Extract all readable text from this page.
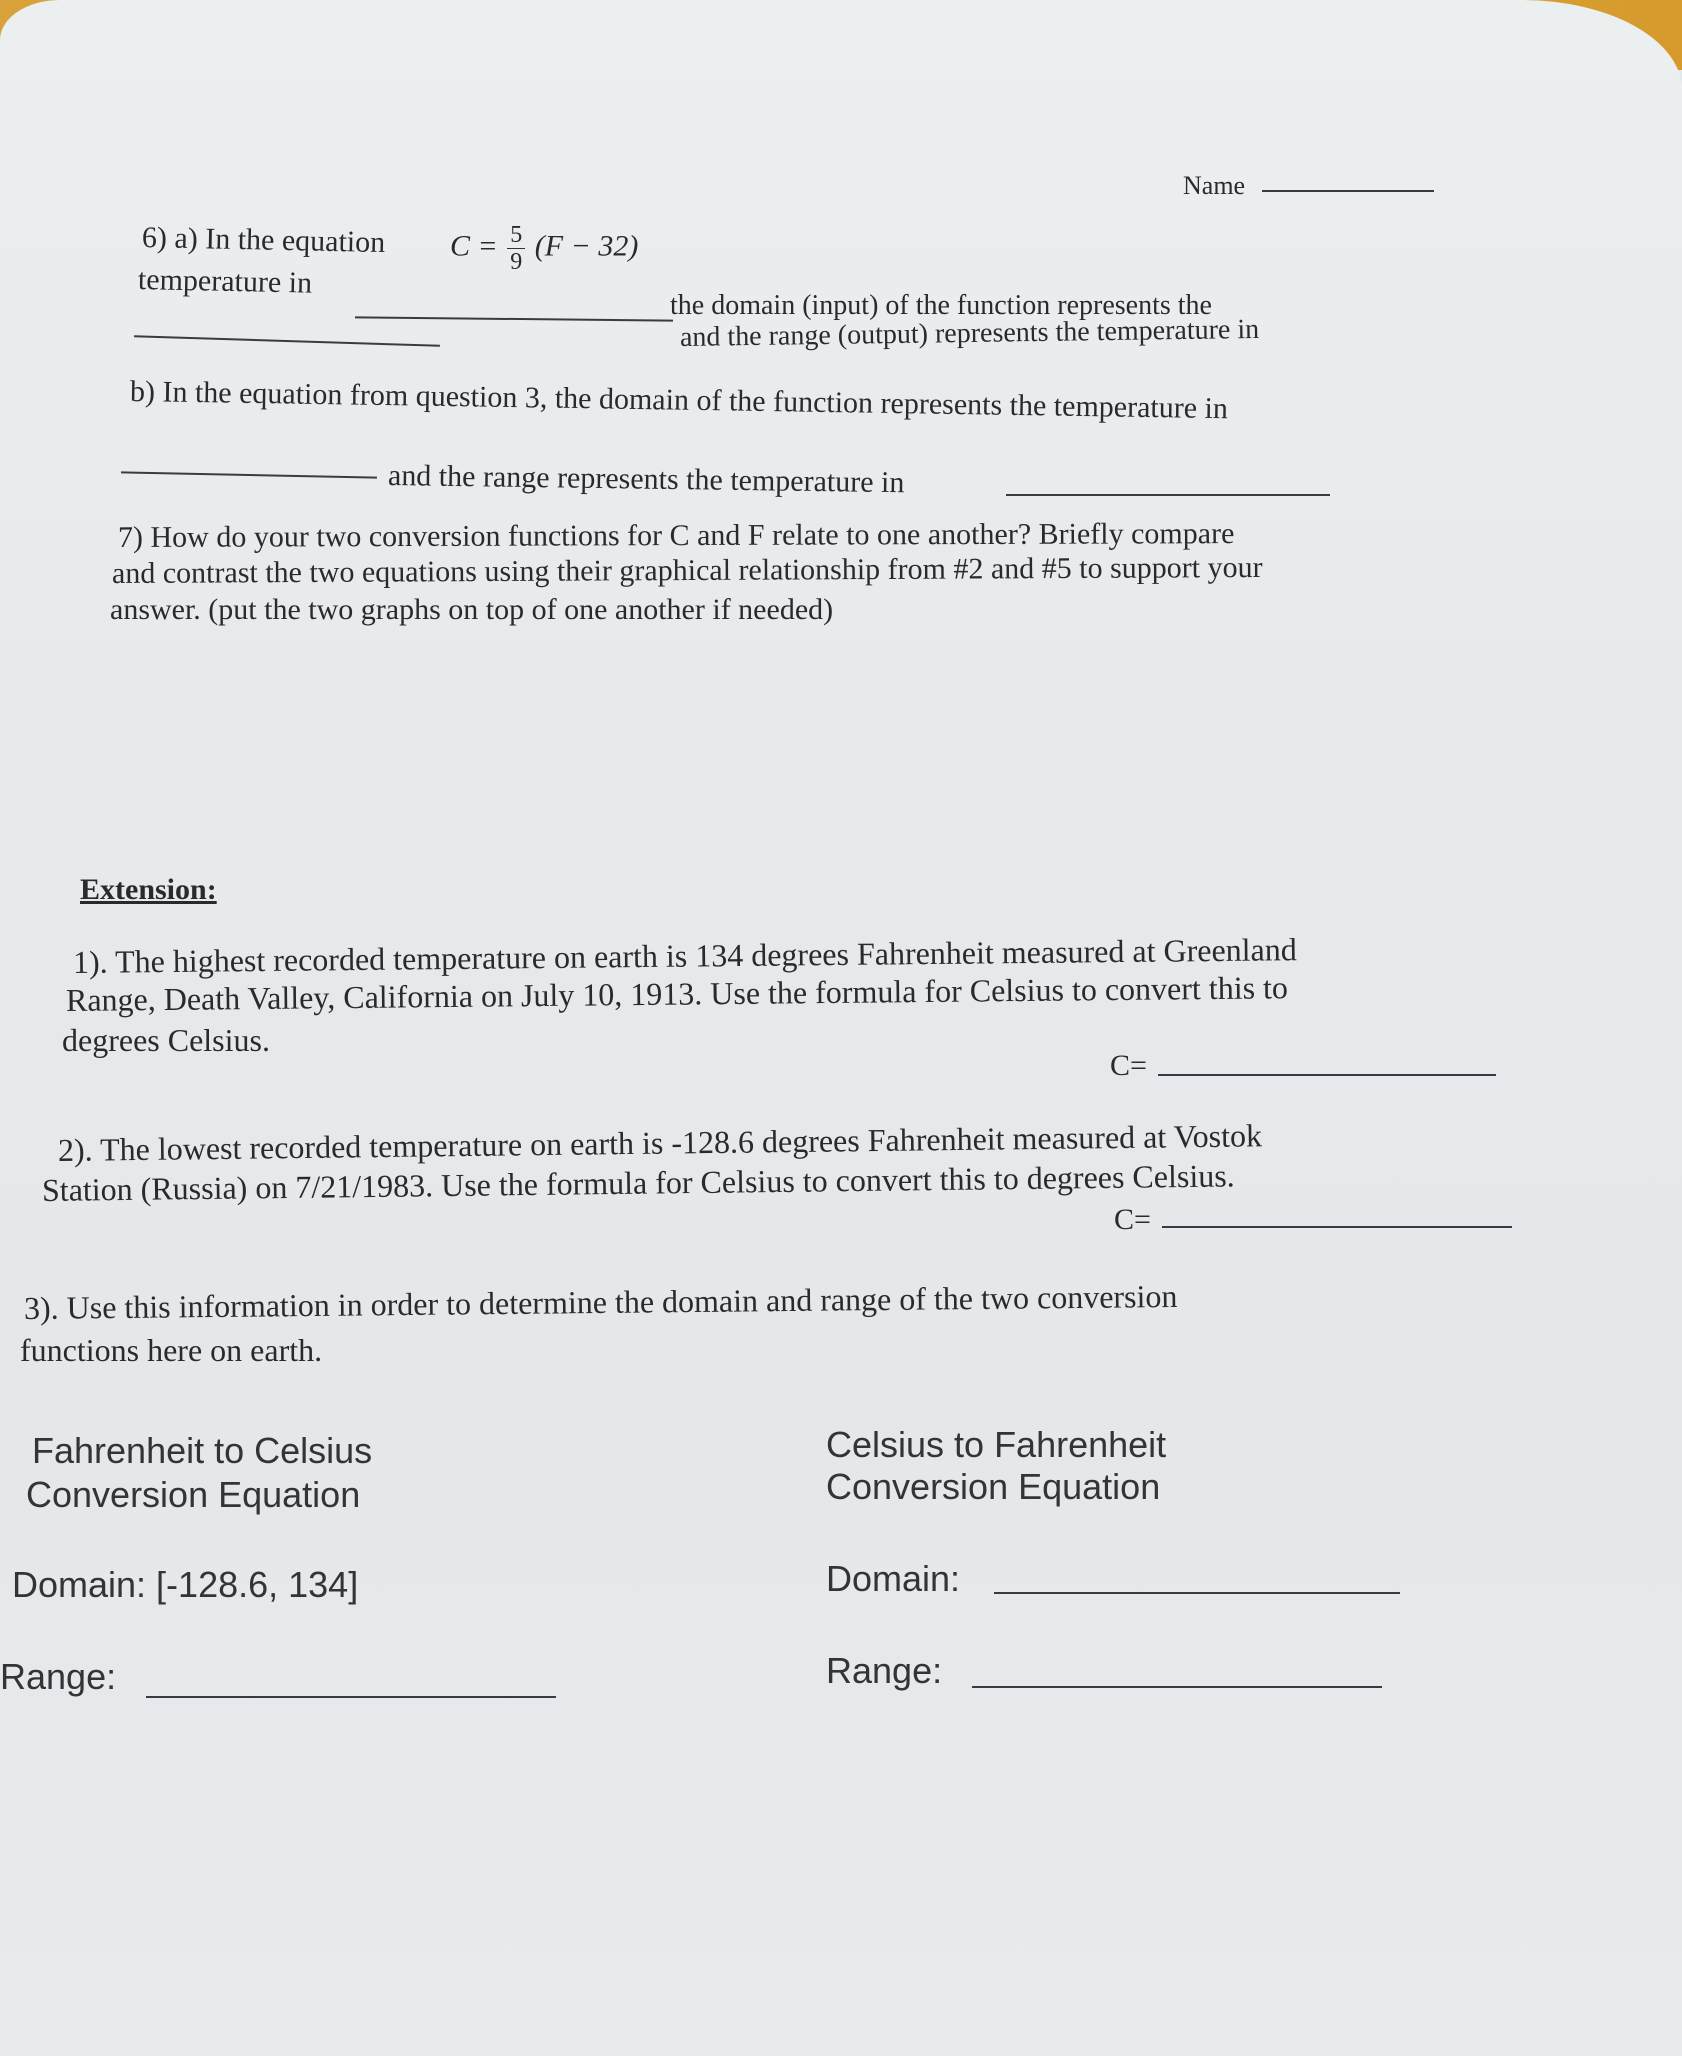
Name
6) a) In the equation
temperature in
$C = \frac{5}{9} (F - 32)$
the domain (input) of the function represents the
and the range (output) represents the temperature in
b) In the equation from question 3, the domain of the function represents the temperature in
and the range represents the temperature in
7) How do your two conversion functions for C and F relate to one another? Briefly compare
and contrast the two equations using their graphical relationship from #2 and #5 to support your
answer. (put the two graphs on top of one another if needed)
Extension:
1). The highest recorded temperature on earth is 134 degrees Fahrenheit measured at Greenland
Range, Death Valley, California on July 10, 1913. Use the formula for Celsius to convert this to
degrees Celsius.
C=
2). The lowest recorded temperature on earth is -128.6 degrees Fahrenheit measured at Vostok
Station (Russia) on 7/21/1983. Use the formula for Celsius to convert this to degrees Celsius.
C=
3). Use this information in order to determine the domain and range of the two conversion
functions here on earth.
Fahrenheit to Celsius
Conversion Equation
Domain: [-128.6, 134]
Range:
Celsius to Fahrenheit
Conversion Equation
Domain:
Range:
